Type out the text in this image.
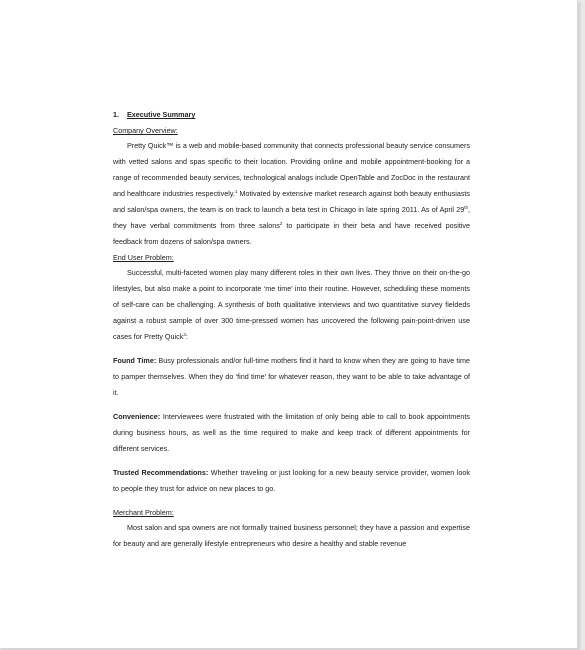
1. Executive Summary
Company Overview:

Pretty Quick™ is a web and mobile-based community that connects professional beauty service consumers with vetted salons and spas specific to their location. Providing online and mobile appointment-booking for a range of recommended beauty services, technological analogs include OpenTable and ZocDoc in the restaurant and healthcare industries respectively.$^1$ Motivated by extensive market research against both beauty enthusiasts and salon/spa owners, the team is on track to launch a beta test in Chicago in late spring 2011. As of April 29th, they have verbal commitments from three salons$^2$ to participate in their beta and have received positive feedback from dozens of salon/spa owners.

End User Problem:

Successful, multi-faceted women play many different roles in their own lives. They thrive on their on-the-go lifestyles, but also make a point to incorporate ‘me time’ into their routine. However, scheduling these moments of self-care can be challenging. A synthesis of both qualitative interviews and two quantitative survey fieldeds against a robust sample of over 300 time-pressed women has uncovered the following pain-point-driven use cases for Pretty Quick$^3$:

Found Time: Busy professionals and/or full-time mothers find it hard to know when they are going to have time to pamper themselves. When they do ‘find time’ for whatever reason, they want to be able to take advantage of it.

Convenience: Interviewees were frustrated with the limitation of only being able to call to book appointments during business hours, as well as the time required to make and keep track of different appointments for different services.

Trusted Recommendations: Whether traveling or just looking for a new beauty service provider, women look to people they trust for advice on new places to go.

Merchant Problem:

Most salon and spa owners are not formally trained business personnel; they have a passion and expertise for beauty and are generally lifestyle entrepreneurs who desire a healthy and stable revenue
